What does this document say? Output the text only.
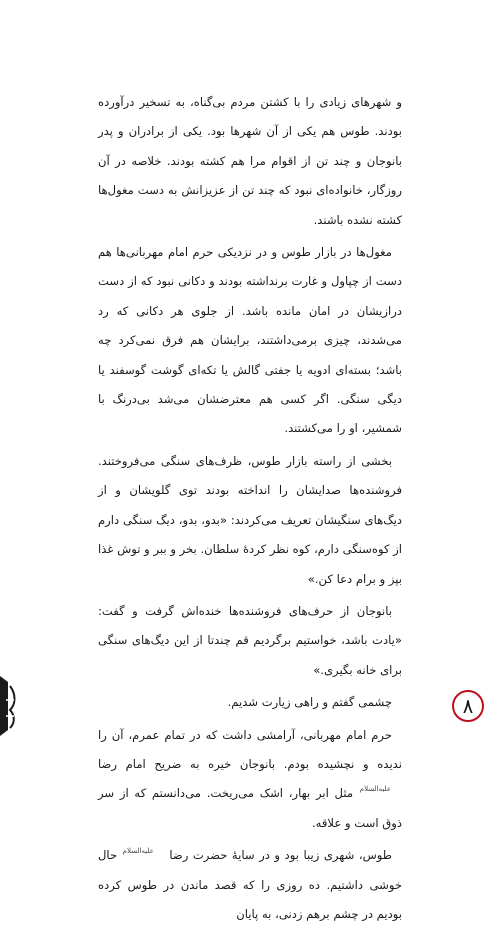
و شهرهای زیادی را با کشتن مردم بی‌گناه، به تسخیر درآورده بودند. طوس هم یکی از آن شهرها بود. یکی از برادران و پدر بانوجان و چند تن از اقوام مرا هم کشته بودند. خلاصه در آن روزگار، خانواده‌ای نبود که چند تن از عزیزانش به دست مغول‌ها کشته نشده باشند.

مغول‌ها در بازار طوس و در نزدیکی حرم امام مهربانی‌ها هم دست از چپاول و غارت برنداشته بودند و دکانی نبود که از دست درازیشان در امان مانده باشد. از جلوی هر دکانی که رد می‌شدند، چیزی برمی‌داشتند، برایشان هم فرق نمی‌کرد چه باشد؛ بسته‌ای ادویه یا جفتی گالش یا تکه‌ای گوشت گوسفند یا دیگی سنگی. اگر کسی هم معترضشان می‌شد بی‌درنگ با شمشیر، او را می‌کشتند.

بخشی از راسته بازار طوس، ظرف‌های سنگی می‌فروختند. فروشنده‌ها صدایشان را انداخته بودند توی گلویشان و از دیگ‌های سنگیشان تعریف می‌کردند: «بدو، بدو، دیگ سنگی دارم از کوه‌سنگی دارم، کوه نظر کردهٔ سلطان. بخر و ببر و توش غذا بپز و برام دعا کن.»

بانوجان از حرف‌های فروشنده‌ها خنده‌اش گرفت و گفت: «یادت باشد، خواستیم برگردیم قم چندتا از این دیگ‌های سنگی برای خانه بگیری.»

چشمی گفتم و راهی زیارت شدیم.

حرم امام مهربانی، آرامشی داشت که در تمام عمرم، آن را ندیده و نچشیده بودم. بانوجان خیره به ضریح امام رضا علیه‌السلام مثل ابر بهار، اشک می‌ریخت. می‌دانستم که از سر ذوق است و علاقه.

طوس، شهری زیبا بود و در سایهٔ حضرت رضا علیه‌السلام حال خوشی داشتیم. ده روزی را که قصد ماندن در طوس کرده بودیم در چشم برهم زدنی، به پایان

۸
